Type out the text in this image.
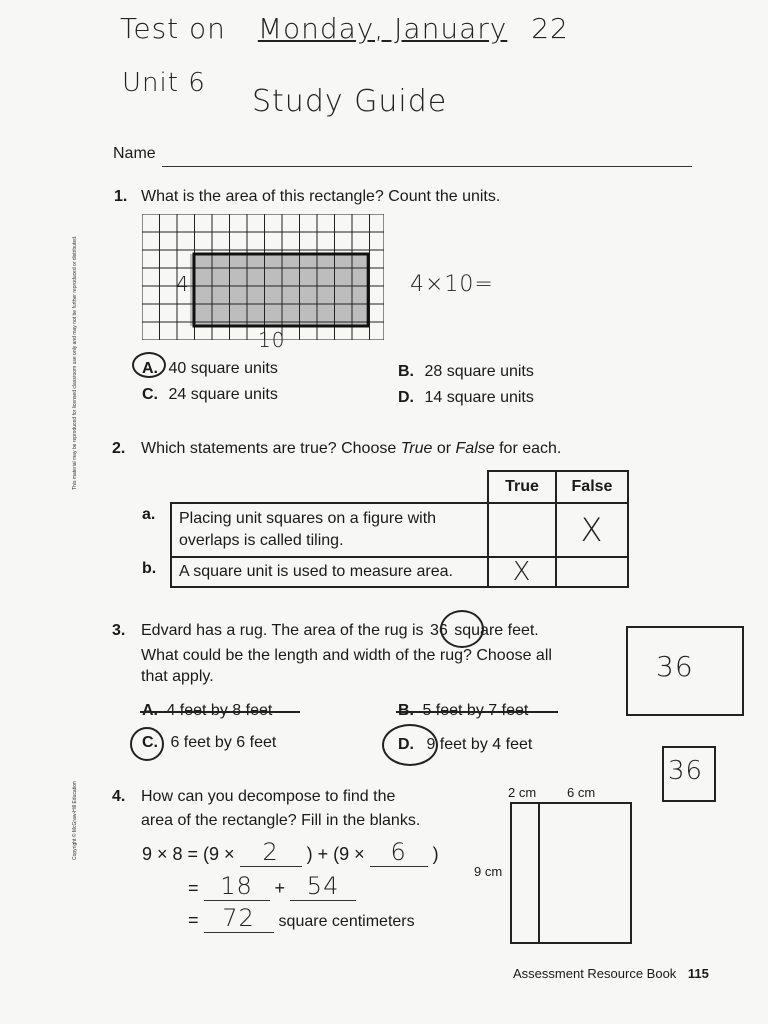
Test on Monday, January 22
Unit 6
Study Guide
Name
This material may be reproduced for licensed classroom use only and may not be further reproduced or distributed.
Copyright © McGraw-Hill Education
1. What is the area of this rectangle? Count the units.
4
10
4×10=
A. 40 square units	B. 28 square units
C. 24 square units	D. 14 square units
2. Which statements are true? Choose True or False for each.
a.
b.
	True	False
Placing unit squares on a figure with overlaps is called tiling.		X
A square unit is used to measure area.	X	
3. Edvard has a rug. The area of the rug is 36 square feet.
What could be the length and width of the rug? Choose all
that apply.	36
36
C. 6 feet by 6 feet	D. 9 feet by 4 feet
4. How can you decompose to find the
area of the rectangle? Fill in the blanks.
9 × 8 = (9 × 2 ) + (9 × 6 )
= 18 + 54
= 72 square centimeters
2 cm 6 cm
9 cm
Assessment Resource Book 115
